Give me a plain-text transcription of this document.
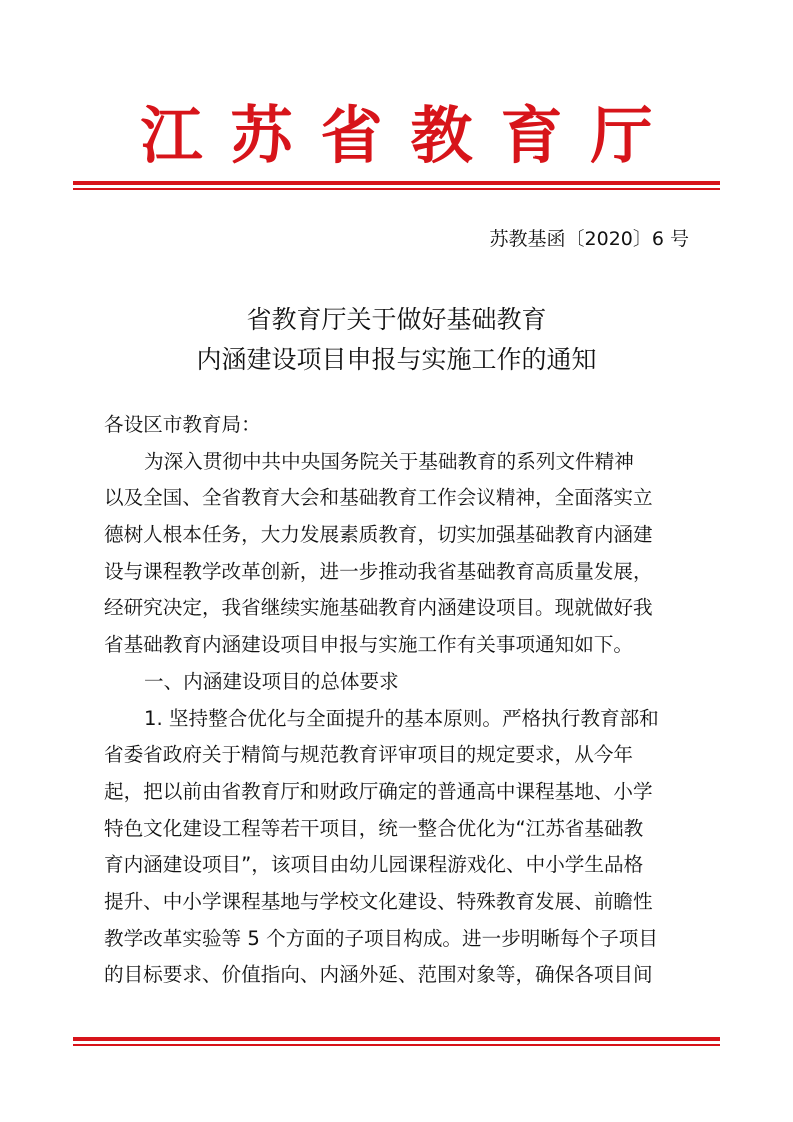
江苏省教育厅
苏教基函〔2020〕6 号
省教育厅关于做好基础教育
内涵建设项目申报与实施工作的通知
各设区市教育局：
为深入贯彻中共中央国务院关于基础教育的系列文件精神
以及全国、全省教育大会和基础教育工作会议精神，全面落实立
德树人根本任务，大力发展素质教育，切实加强基础教育内涵建
设与课程教学改革创新，进一步推动我省基础教育高质量发展，
经研究决定，我省继续实施基础教育内涵建设项目。现就做好我
省基础教育内涵建设项目申报与实施工作有关事项通知如下。
一、内涵建设项目的总体要求
1. 坚持整合优化与全面提升的基本原则。严格执行教育部和
省委省政府关于精简与规范教育评审项目的规定要求，从今年
起，把以前由省教育厅和财政厅确定的普通高中课程基地、小学
特色文化建设工程等若干项目，统一整合优化为“江苏省基础教
育内涵建设项目”，该项目由幼儿园课程游戏化、中小学生品格
提升、中小学课程基地与学校文化建设、特殊教育发展、前瞻性
教学改革实验等 5 个方面的子项目构成。进一步明晰每个子项目
的目标要求、价值指向、内涵外延、范围对象等，确保各项目间
